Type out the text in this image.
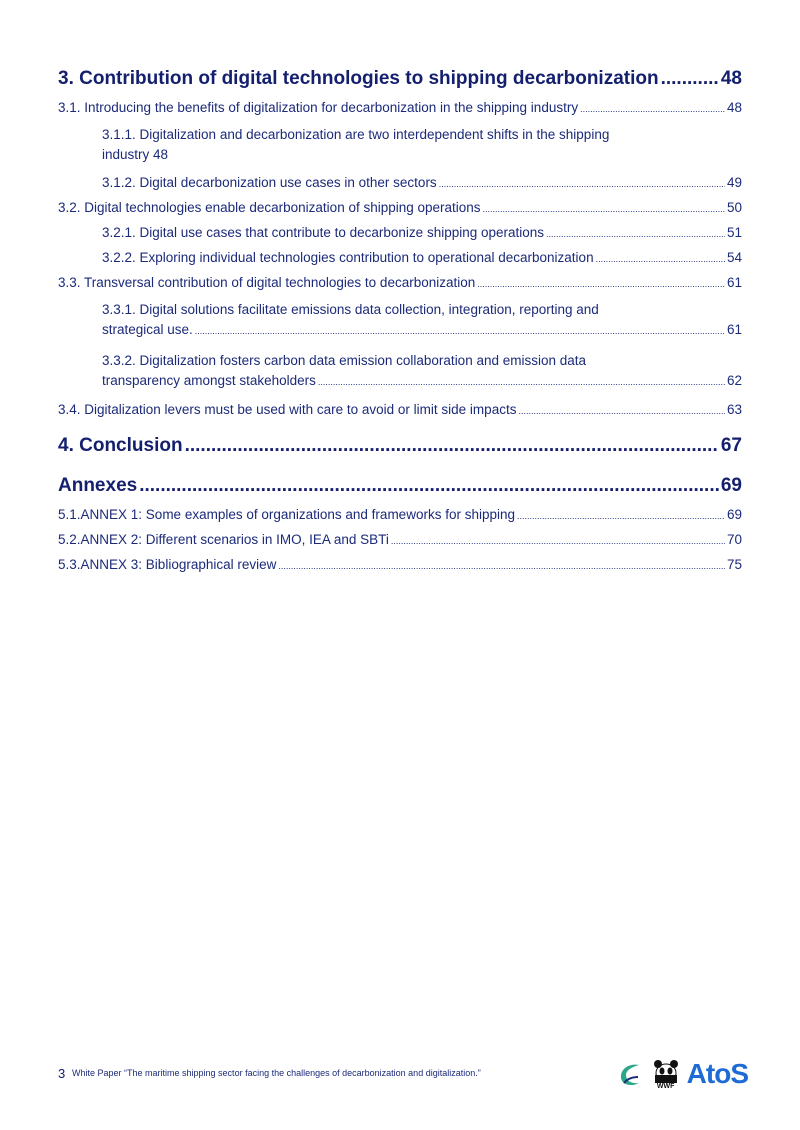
3. Contribution of digital technologies to shipping decarbonization .....	48
3.1. Introducing the benefits of digitalization for decarbonization in the shipping industry .....	48
3.1.1. Digitalization and decarbonization are two interdependent shifts in the shipping
industry 48
3.1.2. Digital decarbonization use cases in other sectors .....	49
3.2. Digital technologies enable decarbonization of shipping operations .....	50
3.2.1. Digital use cases that contribute to decarbonize shipping operations .....	51
3.2.2. Exploring individual technologies contribution to operational decarbonization .....	54
3.3. Transversal contribution of digital technologies to decarbonization .....	61
3.3.1. Digital solutions facilitate emissions data collection, integration, reporting and
strategical use. .....	61
3.3.2. Digitalization fosters carbon data emission collaboration and emission data
transparency amongst stakeholders .....	62
3.4. Digitalization levers must be used with care to avoid or limit side impacts .....	63
4. Conclusion .....	67
Annexes .....	69
5.1. ANNEX 1: Some examples of organizations and frameworks for shipping .....	69
5.2. ANNEX 2: Different scenarios in IMO, IEA and SBTi .....	70
5.3. ANNEX 3: Bibliographical review .....	75
3 White Paper “The maritime shipping sector facing the challenges of decarbonization and digitalization.”
WWF AtoS
